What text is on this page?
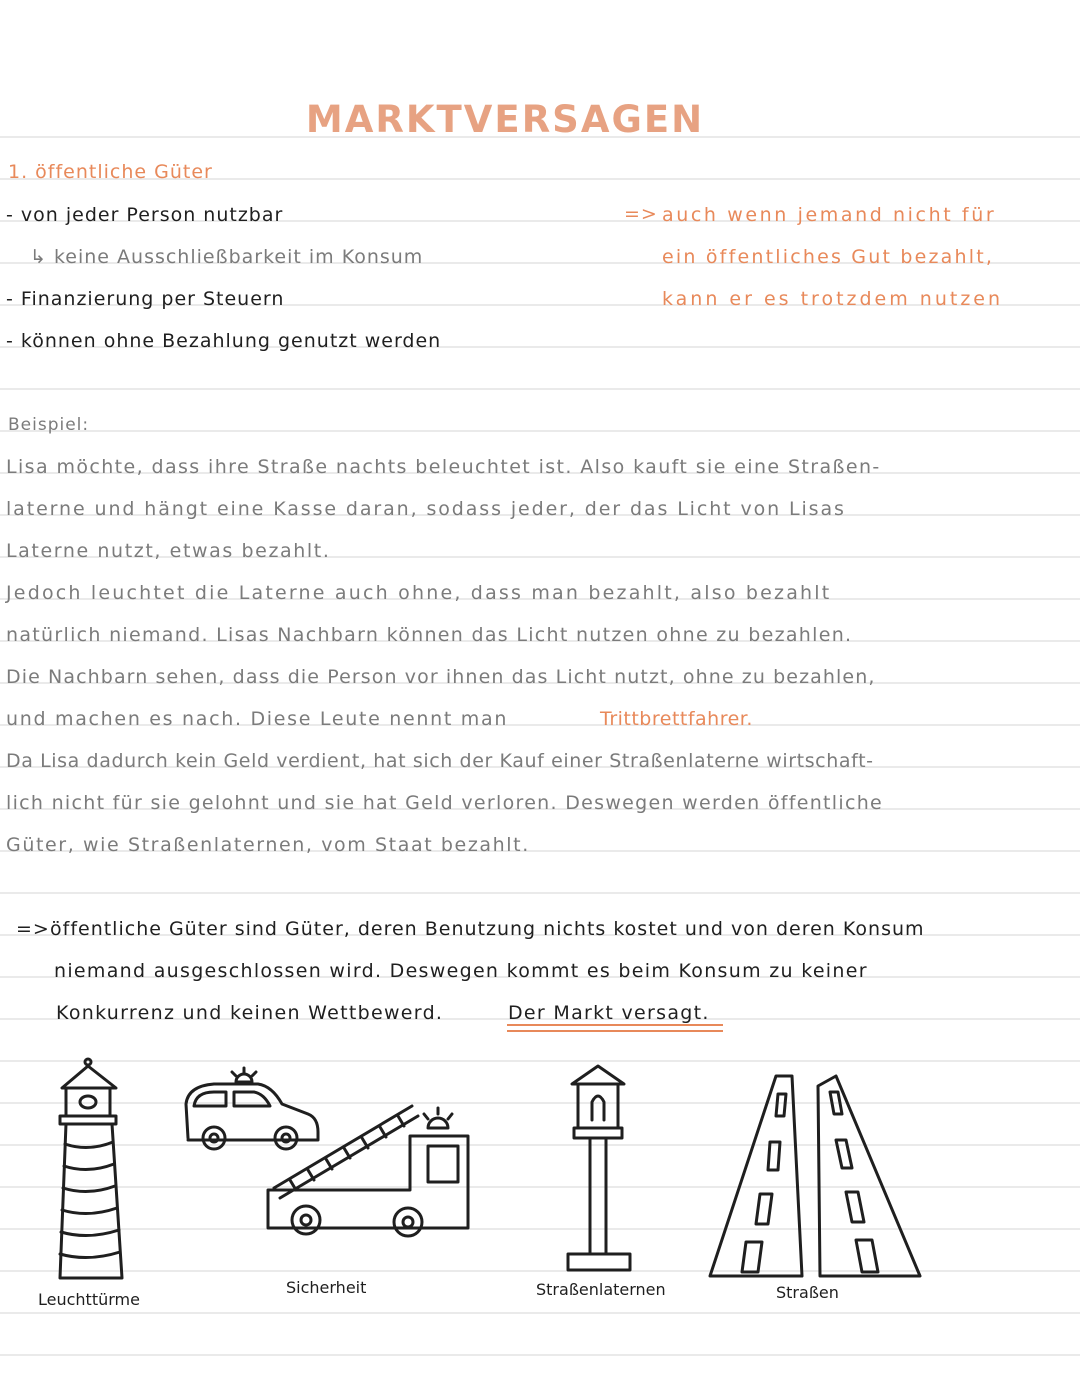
MARKTVERSAGEN
1. öffentliche Güter
- von jeder Person nutzbar
↳ keine Ausschließbarkeit im Konsum
- Finanzierung per Steuern
- können ohne Bezahlung genutzt werden
=> auch wenn jemand nicht für
ein öffentliches Gut bezahlt,
kann er es trotzdem nutzen
Beispiel:
Lisa möchte, dass ihre Straße nachts beleuchtet ist. Also kauft sie eine Straßen-
laterne und hängt eine Kasse daran, sodass jeder, der das Licht von Lisas
Laterne nutzt, etwas bezahlt.
Jedoch leuchtet die Laterne auch ohne, dass man bezahlt, also bezahlt
natürlich niemand. Lisas Nachbarn können das Licht nutzen ohne zu bezahlen.
Die Nachbarn sehen, dass die Person vor ihnen das Licht nutzt, ohne zu bezahlen,
und machen es nach. Diese Leute nennt man	Trittbrettfahrer.
Da Lisa dadurch kein Geld verdient, hat sich der Kauf einer Straßenlaterne wirtschaft-
lich nicht für sie gelohnt und sie hat Geld verloren. Deswegen werden öffentliche
Güter, wie Straßenlaternen, vom Staat bezahlt.
=> öffentliche Güter sind Güter, deren Benutzung nichts kostet und von deren Konsum
niemand ausgeschlossen wird. Deswegen kommt es beim Konsum zu keiner
Konkurrenz und keinen Wettbewerd.	Der Markt versagt.
Leuchttürme
Sicherheit	Straßenlaternen	Straßen
